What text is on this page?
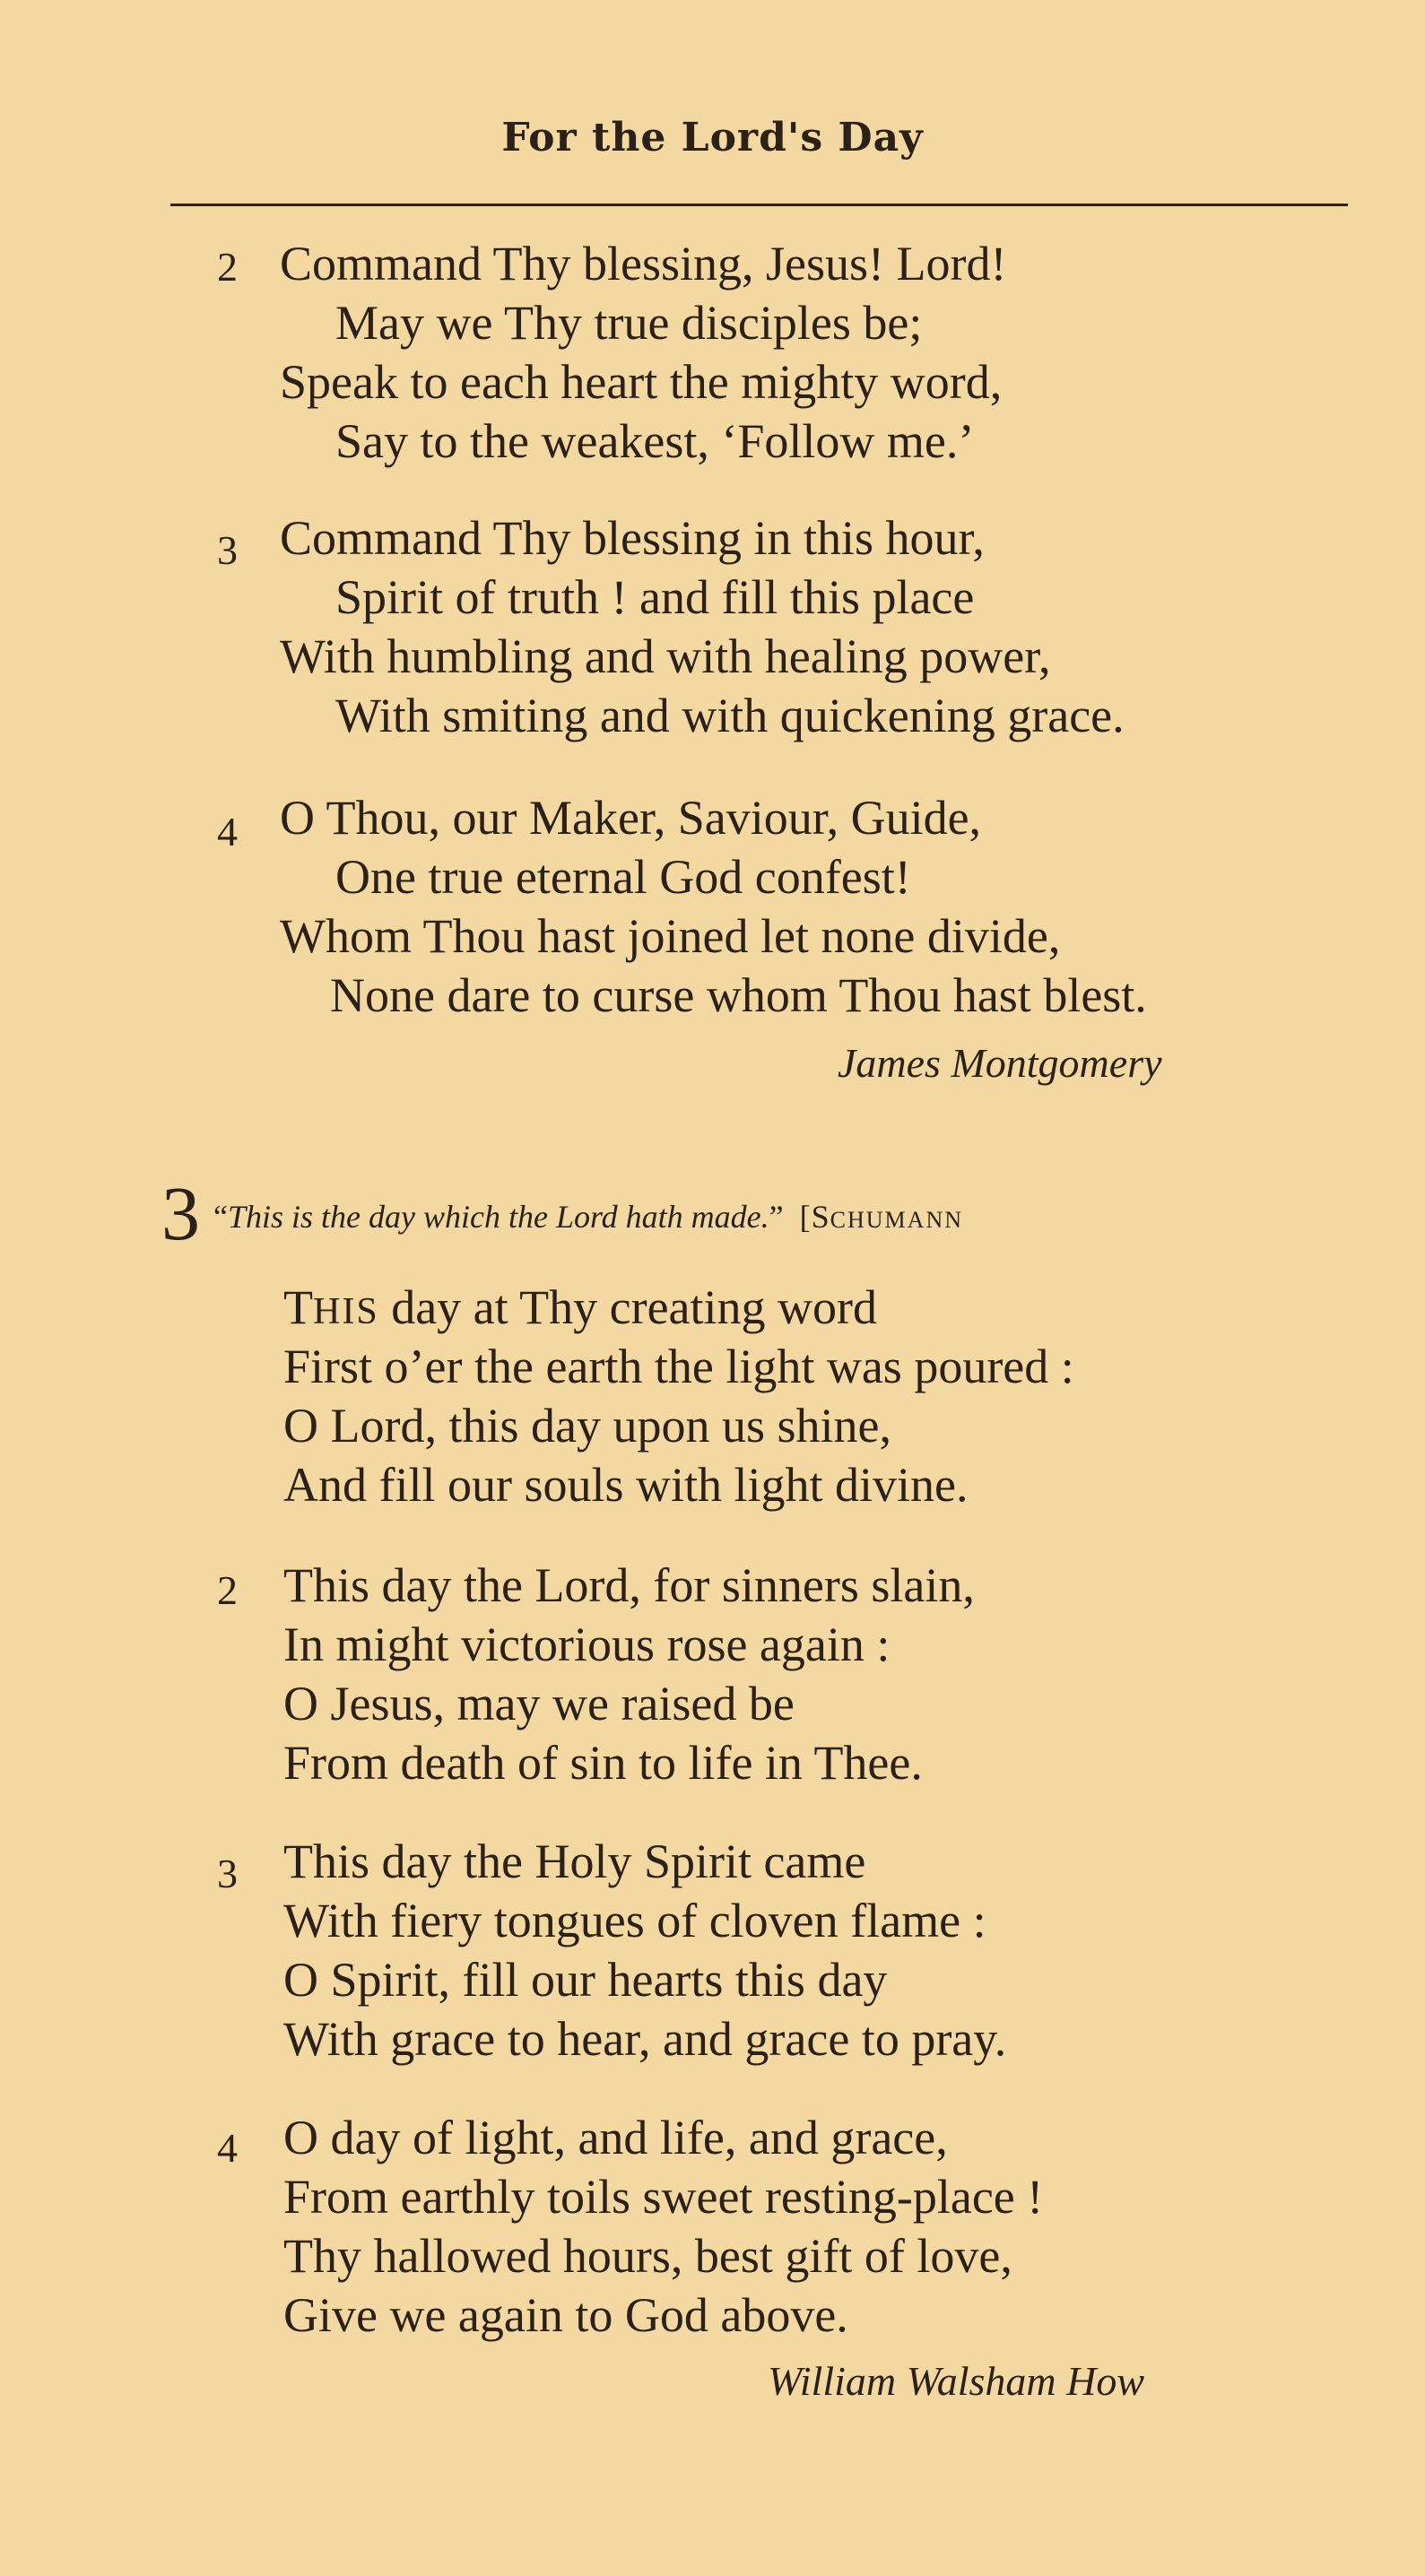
For the Lord's Day
2 Command Thy blessing, Jesus! Lord!
May we Thy true disciples be;
Speak to each heart the mighty word,
Say to the weakest, ‘Follow me.’
3 Command Thy blessing in this hour,
Spirit of truth ! and fill this place
With humbling and with healing power,
With smiting and with quickening grace.
4 O Thou, our Maker, Saviour, Guide,
One true eternal God confest!
Whom Thou hast joined let none divide,
None dare to curse whom Thou hast blest.
James Montgomery
3 “This is the day which the Lord hath made.” [SCHUMANN
THIS day at Thy creating word
First o’er the earth the light was poured :
O Lord, this day upon us shine,
And fill our souls with light divine.
2 This day the Lord, for sinners slain,
In might victorious rose again :
O Jesus, may we raised be
From death of sin to life in Thee.
3 This day the Holy Spirit came
With fiery tongues of cloven flame :
O Spirit, fill our hearts this day
With grace to hear, and grace to pray.
4 O day of light, and life, and grace,
From earthly toils sweet resting-place !
Thy hallowed hours, best gift of love,
Give we again to God above.
William Walsham How
